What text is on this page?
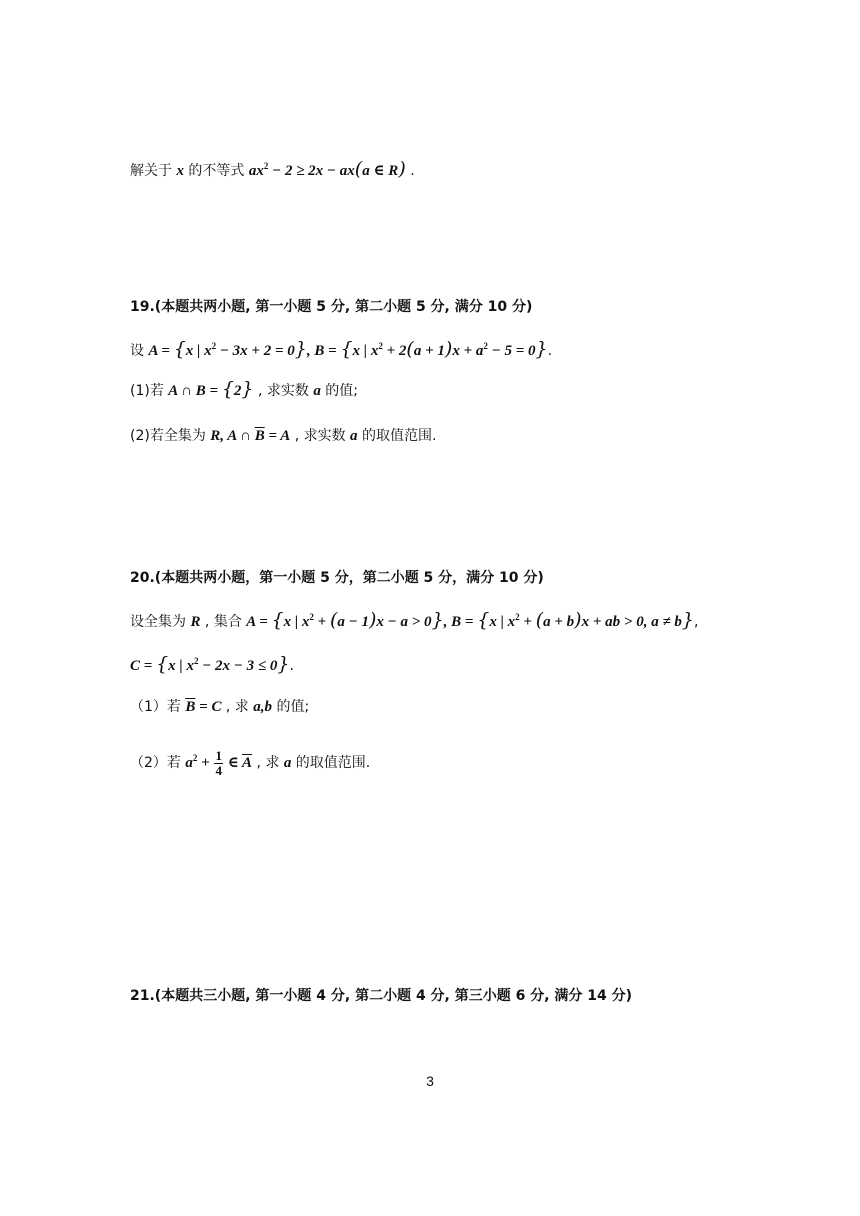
解关于 x 的不等式 $ax^2 - 2 \ge 2x - ax(a$ ∈ R) .
19.(本题共两小题, 第一小题 5 分, 第二小题 5 分, 满分 10 分)
设 A = {x | $x^2 - 3x + 2 = 0$}, B = {x | $x^2 + 2(a + 1)x + a^2 - 5 = 0$}.
(1)若 A ∩ B = {2} , 求实数 a 的值;
(2)若全集为 R, A ∩ $\overline{B} = A$ , 求实数 a 的取值范围.
20.(本题共两小题，第一小题 5 分，第二小题 5 分，满分 10 分)
设全集为 R , 集合 A = {x | $x^2 + (a - 1)x - a > 0$}, B = {x | $x^2 + (a + b)x$ + ab > 0, a ≠ b},
C = {x | $x^2 - 2x - 3 \le 0$}.
（1）若 $\overline{B} = C$ , 求 a,b 的值;
（2）若 $a^2 + \frac{1}{4}$ ∈ $\overline{A}$ , 求 a 的取值范围.
21.(本题共三小题, 第一小题 4 分, 第二小题 4 分, 第三小题 6 分, 满分 14 分)
3
